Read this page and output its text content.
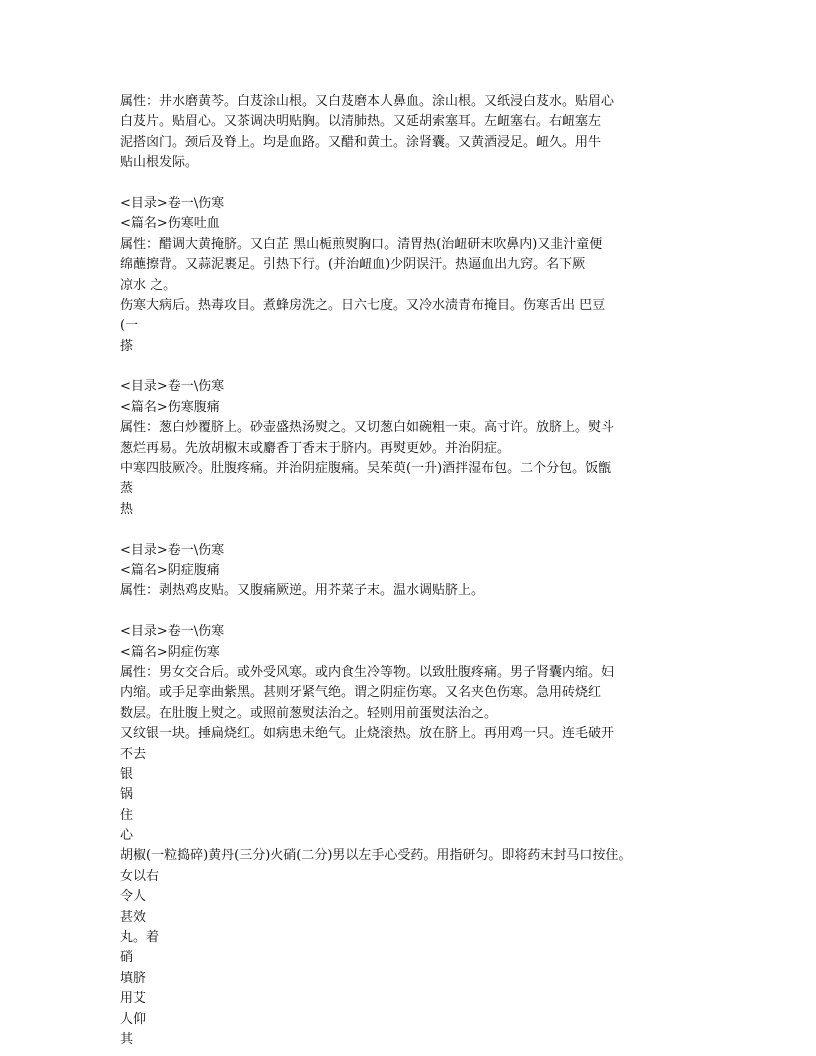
属性：井水磨黄芩。白芨涂山根。又白芨磨本人鼻血。涂山根。又纸浸白芨水。贴眉心
白芨片。贴眉心。又茶调决明贴胸。以清肺热。又延胡索塞耳。左衄塞右。右衄塞左
泥搭囟门。颈后及脊上。均是血路。又醋和黄土。涂肾囊。又黄酒浸足。衄久。用牛
贴山根发际。
<目录>卷一\伤寒
<篇名>伤寒吐血
属性：醋调大黄掩脐。又白芷 黑山栀煎熨胸口。清胃热(治衄研末吹鼻内)又韭汁童便
绵蘸擦背。又蒜泥裹足。引热下行。(并治衄血)少阴误汗。热逼血出九窍。名下厥
凉水 之。
伤寒大病后。热毒攻目。煮蜂房洗之。日六七度。又冷水渍青布掩目。伤寒舌出 巴豆
(一
搽
<目录>卷一\伤寒
<篇名>伤寒腹痛
属性：葱白炒覆脐上。砂壶盛热汤熨之。又切葱白如碗粗一束。高寸许。放脐上。熨斗
葱烂再易。先放胡椒末或麝香丁香末于脐内。再熨更妙。并治阴症。
中寒四肢厥冷。肚腹疼痛。并治阴症腹痛。吴茱萸(一升)酒拌湿布包。二个分包。饭甑
蒸
热
<目录>卷一\伤寒
<篇名>阴症腹痛
属性：剥热鸡皮贴。又腹痛厥逆。用芥菜子末。温水调贴脐上。
<目录>卷一\伤寒
<篇名>阴症伤寒
属性：男女交合后。或外受风寒。或内食生冷等物。以致肚腹疼痛。男子肾囊内缩。妇
内缩。或手足挛曲紫黑。甚则牙紧气绝。谓之阴症伤寒。又名夹色伤寒。急用砖烧红
数层。在肚腹上熨之。或照前葱熨法治之。轻则用前蛋熨法治之。
又纹银一块。捶扁烧红。如病患未绝气。止烧滚热。放在脐上。再用鸡一只。连毛破开
不去
银
锅
住
心
胡椒(一粒捣碎)黄丹(三分)火硝(二分)男以左手心受药。用指研匀。即将药末封马口按住。
女以右
令人
甚效
丸。着
硝
填脐
用艾
人仰
其
